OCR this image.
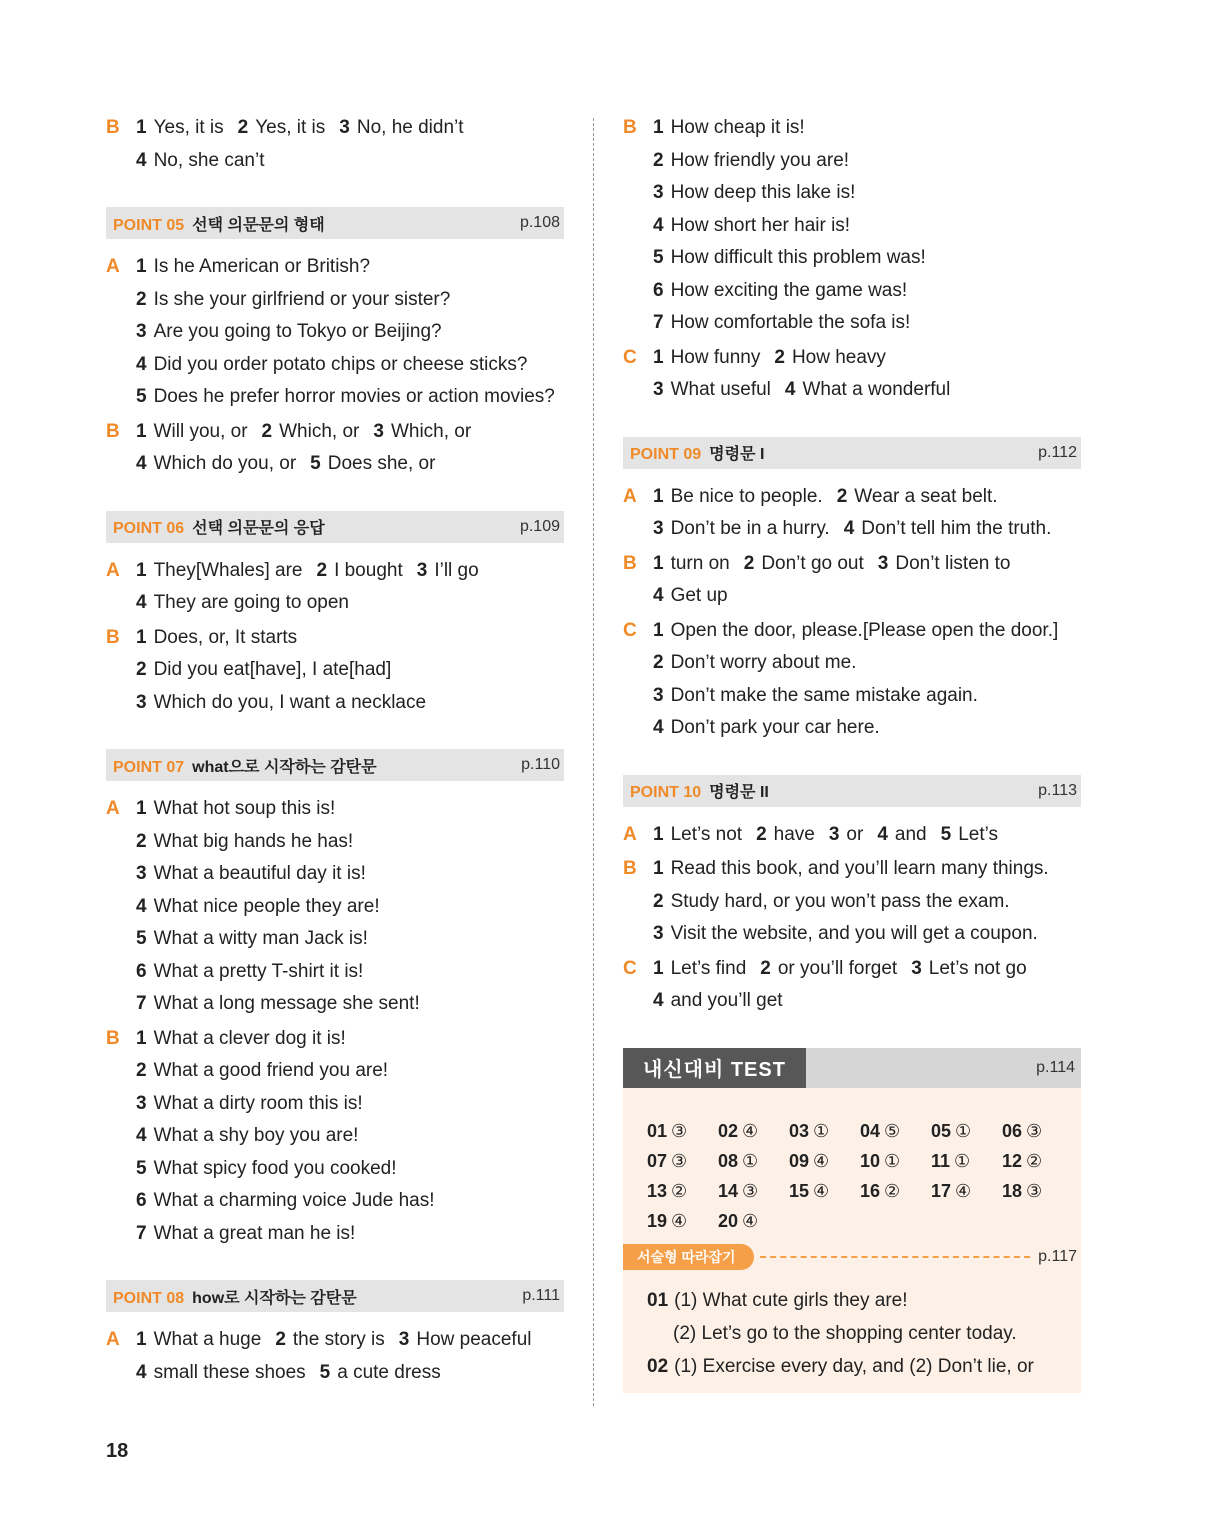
B 1 Yes, it is 2 Yes, it is 3 No, he didn’t
4 No, she can’t
POINT 05 선택 의문문의 형태	p.108
A 1 Is he American or British?
2 Is she your girlfriend or your sister?
3 Are you going to Tokyo or Beijing?
4 Did you order potato chips or cheese sticks?
5 Does he prefer horror movies or action movies?
B 1 Will you, or 2 Which, or 3 Which, or
4 Which do you, or 5 Does she, or
POINT 06 선택 의문문의 응답	p.109
A 1 They[Whales] are 2 I bought 3 I’ll go
4 They are going to open
B 1 Does, or, It starts
2 Did you eat[have], I ate[had]
3 Which do you, I want a necklace
POINT 07 what으로 시작하는 감탄문	p.110
A 1 What hot soup this is!
2 What big hands he has!
3 What a beautiful day it is!
4 What nice people they are!
5 What a witty man Jack is!
6 What a pretty T-shirt it is!
7 What a long message she sent!
B 1 What a clever dog it is!
2 What a good friend you are!
3 What a dirty room this is!
4 What a shy boy you are!
5 What spicy food you cooked!
6 What a charming voice Jude has!
7 What a great man he is!
POINT 08 how로 시작하는 감탄문	p.111
A 1 What a huge 2 the story is 3 How peaceful
4 small these shoes 5 a cute dress
B 1 How cheap it is!
2 How friendly you are!
3 How deep this lake is!
4 How short her hair is!
5 How difficult this problem was!
6 How exciting the game was!
7 How comfortable the sofa is!
C 1 How funny 2 How heavy
3 What useful 4 What a wonderful
POINT 09 명령문 I	p.112
A 1 Be nice to people. 2 Wear a seat belt.
3 Don’t be in a hurry. 4 Don’t tell him the truth.
B 1 turn on 2 Don’t go out 3 Don’t listen to
4 Get up
C 1 Open the door, please.[Please open the door.]
2 Don’t worry about me.
3 Don’t make the same mistake again.
4 Don’t park your car here.
POINT 10 명령문 II	p.113
A 1 Let’s not 2 have 3 or 4 and 5 Let’s
B 1 Read this book, and you’ll learn many things.
2 Study hard, or you won’t pass the exam.
3 Visit the website, and you will get a coupon.
C 1 Let’s find 2 or you’ll forget 3 Let’s not go
4 and you’ll get
내신대비 TEST	p.114
01 ③	02 ④	03 ①	04 ⑤	05 ①	06 ③
07 ③	08 ①	09 ④	10 ①	11 ①	12 ②
13 ②	14 ③	15 ④	16 ②	17 ④	18 ③
19 ④	20 ④
서술형 따라잡기	p.117
01 (1) What cute girls they are!
(2) Let’s go to the shopping center today.
02 (1) Exercise every day, and (2) Don’t lie, or
18
